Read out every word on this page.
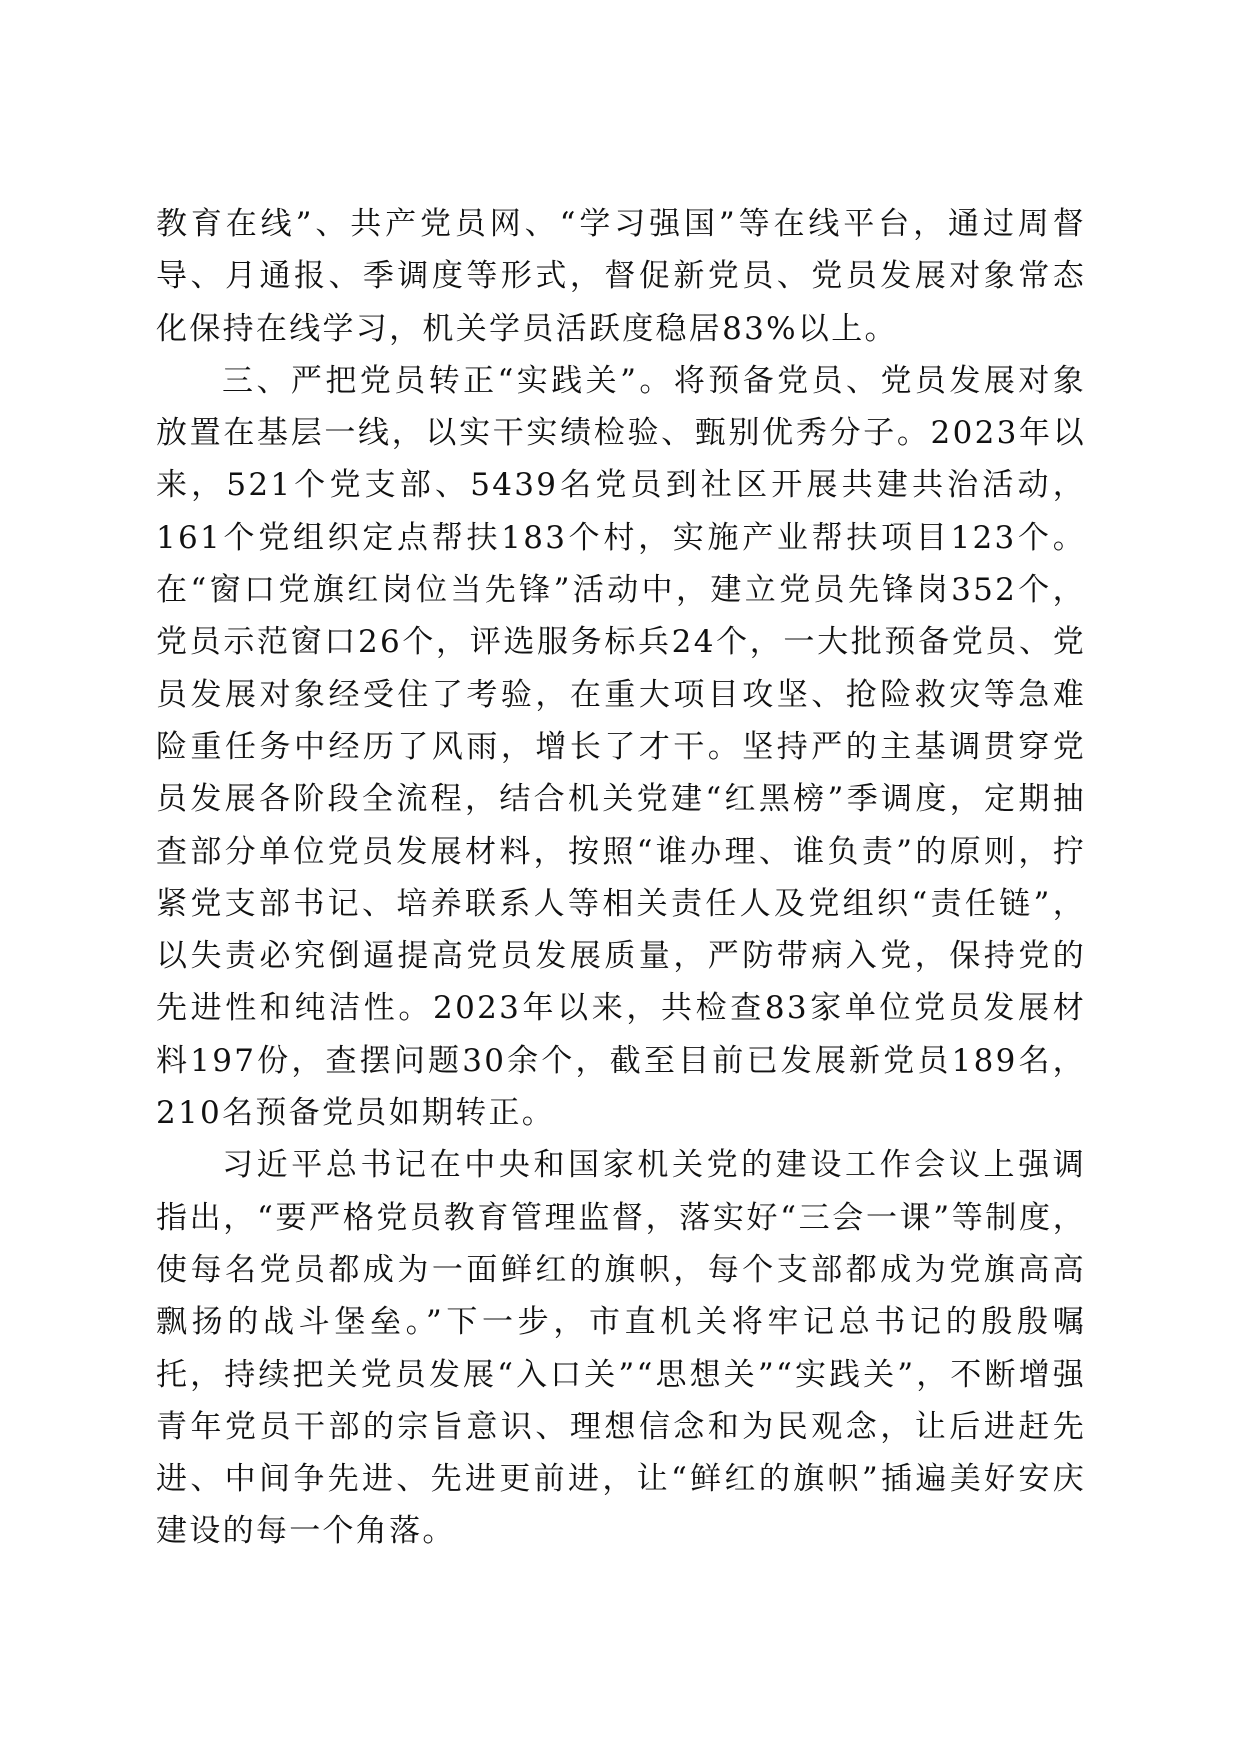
教育在线”、共产党员网、“学习强国”等在线平台，通过周督导、月通报、季调度等形式，督促新党员、党员发展对象常态化保持在线学习，机关学员活跃度稳居83%以上。

三、严把党员转正“实践关”。将预备党员、党员发展对象放置在基层一线，以实干实绩检验、甄别优秀分子。2023年以来，521个党支部、5439名党员到社区开展共建共治活动，161个党组织定点帮扶183个村，实施产业帮扶项目123个。在“窗口党旗红岗位当先锋”活动中，建立党员先锋岗352个，党员示范窗口26个，评选服务标兵24个，一大批预备党员、党员发展对象经受住了考验，在重大项目攻坚、抢险救灾等急难险重任务中经历了风雨，增长了才干。坚持严的主基调贯穿党员发展各阶段全流程，结合机关党建“红黑榜”季调度，定期抽查部分单位党员发展材料，按照“谁办理、谁负责”的原则，拧紧党支部书记、培养联系人等相关责任人及党组织“责任链”，以失责必究倒逼提高党员发展质量，严防带病入党，保持党的先进性和纯洁性。2023年以来，共检查83家单位党员发展材料197份，查摆问题30余个，截至目前已发展新党员189名，210名预备党员如期转正。

习近平总书记在中央和国家机关党的建设工作会议上强调指出，“要严格党员教育管理监督，落实好“三会一课”等制度，使每名党员都成为一面鲜红的旗帜，每个支部都成为党旗高高飘扬的战斗堡垒。”下一步，市直机关将牢记总书记的殷殷嘱托，持续把关党员发展“入口关”“思想关”“实践关”，不断增强青年党员干部的宗旨意识、理想信念和为民观念，让后进赶先进、中间争先进、先进更前进，让“鲜红的旗帜”插遍美好安庆建设的每一个角落。
